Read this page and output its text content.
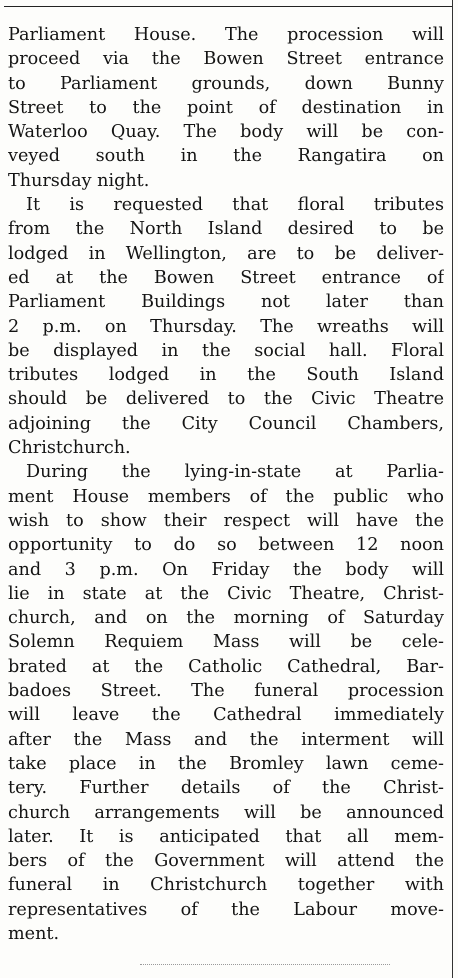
Parliament House. The procession will
proceed via the Bowen Street entrance
to Parliament grounds, down Bunny
Street to the point of destination in
Waterloo Quay. The body will be con-
veyed south in the Rangatira on
Thursday night.
It is requested that floral tributes
from the North Island desired to be
lodged in Wellington, are to be deliver-
ed at the Bowen Street entrance of
Parliament Buildings not later than
2 p.m. on Thursday. The wreaths will
be displayed in the social hall. Floral
tributes lodged in the South Island
should be delivered to the Civic Theatre
adjoining the City Council Chambers,
Christchurch.
During the lying-in-state at Parlia-
ment House members of the public who
wish to show their respect will have the
opportunity to do so between 12 noon
and 3 p.m. On Friday the body will
lie in state at the Civic Theatre, Christ-
church, and on the morning of Saturday
Solemn Requiem Mass will be cele-
brated at the Catholic Cathedral, Bar-
badoes Street. The funeral procession
will leave the Cathedral immediately
after the Mass and the interment will
take place in the Bromley lawn ceme-
tery. Further details of the Christ-
church arrangements will be announced
later. It is anticipated that all mem-
bers of the Government will attend the
funeral in Christchurch together with
representatives of the Labour move-
ment.
